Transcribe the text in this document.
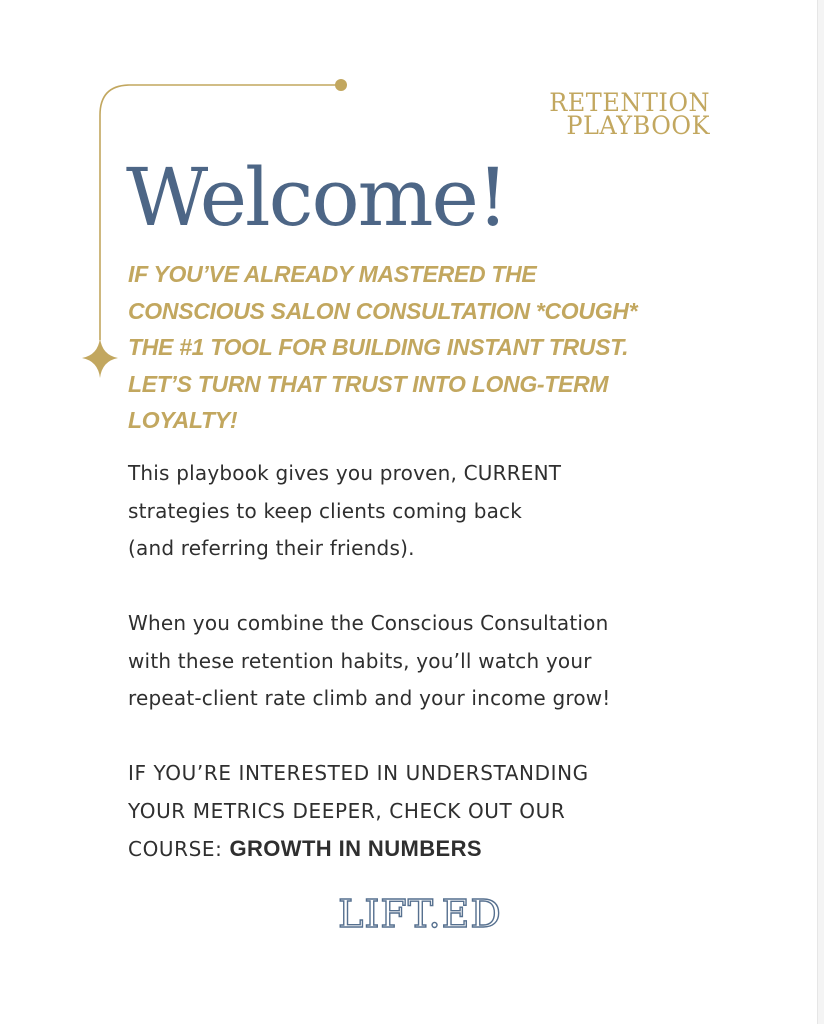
RETENTION
PLAYBOOK
Welcome!
IF YOU’VE ALREADY MASTERED THE
CONSCIOUS SALON CONSULTATION *COUGH*
THE #1 TOOL FOR BUILDING INSTANT TRUST.
LET’S TURN THAT TRUST INTO LONG-TERM
LOYALTY!
This playbook gives you proven, CURRENT
strategies to keep clients coming back
(and referring their friends).
When you combine the Conscious Consultation
with these retention habits, you’ll watch your
repeat-client rate climb and your income grow!
IF YOU’RE INTERESTED IN UNDERSTANDING
YOUR METRICS DEEPER, CHECK OUT OUR
COURSE: GROWTH IN NUMBERS
LIFT.ED
